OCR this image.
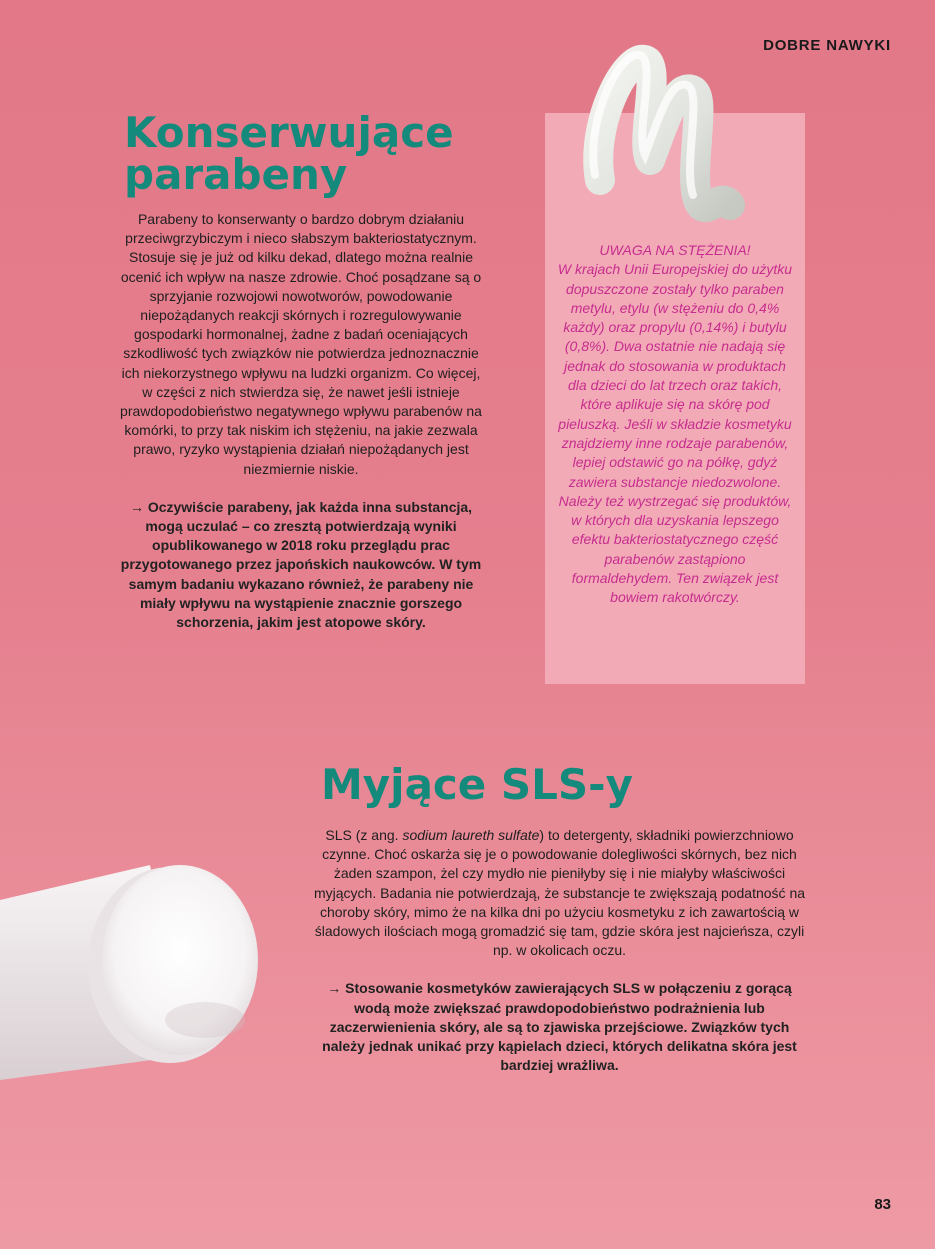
DOBRE NAWYKI
Konserwujące parabeny

Parabeny to konserwanty o bardzo dobrym działaniu przeciwgrzybiczym i nieco słabszym bakteriostatycznym. Stosuje się je już od kilku dekad, dlatego można realnie ocenić ich wpływ na nasze zdrowie. Choć posądzane są o sprzyjanie rozwojowi nowotworów, powodowanie niepożądanych reakcji skórnych i rozregulowywanie gospodarki hormonalnej, żadne z badań oceniających szkodliwość tych związków nie potwierdza jednoznacznie ich niekorzystnego wpływu na ludzki organizm. Co więcej, w części z nich stwierdza się, że nawet jeśli istnieje prawdopodobieństwo negatywnego wpływu parabenów na komórki, to przy tak niskim ich stężeniu, na jakie zezwala prawo, ryzyko wystąpienia działań niepożądanych jest niezmiernie niskie.

→ Oczywiście parabeny, jak każda inna substancja, mogą uczulać – co zresztą potwierdzają wyniki opublikowanego w 2018 roku przeglądu prac przygotowanego przez japońskich naukowców. W tym samym badaniu wykazano również, że parabeny nie miały wpływu na wystąpienie znacznie gorszego schorzenia, jakim jest atopowe skóry.

UWAGA NA STĘŻENIA!

W krajach Unii Europejskiej do użytku dopuszczone zostały tylko paraben metylu, etylu (w stężeniu do 0,4% każdy) oraz propylu (0,14%) i butylu (0,8%). Dwa ostatnie nie nadają się jednak do stosowania w produktach dla dzieci do lat trzech oraz takich, które aplikuje się na skórę pod pieluszką. Jeśli w składzie kosmetyku znajdziemy inne rodzaje parabenów, lepiej odstawić go na półkę, gdyż zawiera substancje niedozwolone. Należy też wystrzegać się produktów, w których dla uzyskania lepszego efektu bakteriostatycznego część parabenów zastąpiono formaldehydem. Ten związek jest bowiem rakotwórczy.

Myjące SLS-y

SLS (z ang. sodium laureth sulfate) to detergenty, składniki powierzchniowo czynne. Choć oskarża się je o powodowanie dolegliwości skórnych, bez nich żaden szampon, żel czy mydło nie pieniłyby się i nie miałyby właściwości myjących. Badania nie potwierdzają, że substancje te zwiększają podatność na choroby skóry, mimo że na kilka dni po użyciu kosmetyku z ich zawartością w śladowych ilościach mogą gromadzić się tam, gdzie skóra jest najcieńsza, czyli np. w okolicach oczu.

→ Stosowanie kosmetyków zawierających SLS w połączeniu z gorącą wodą może zwiększać prawdopodobieństwo podrażnienia lub zaczerwienienia skóry, ale są to zjawiska przejściowe. Związków tych należy jednak unikać przy kąpielach dzieci, których delikatna skóra jest bardziej wrażliwa.

83
